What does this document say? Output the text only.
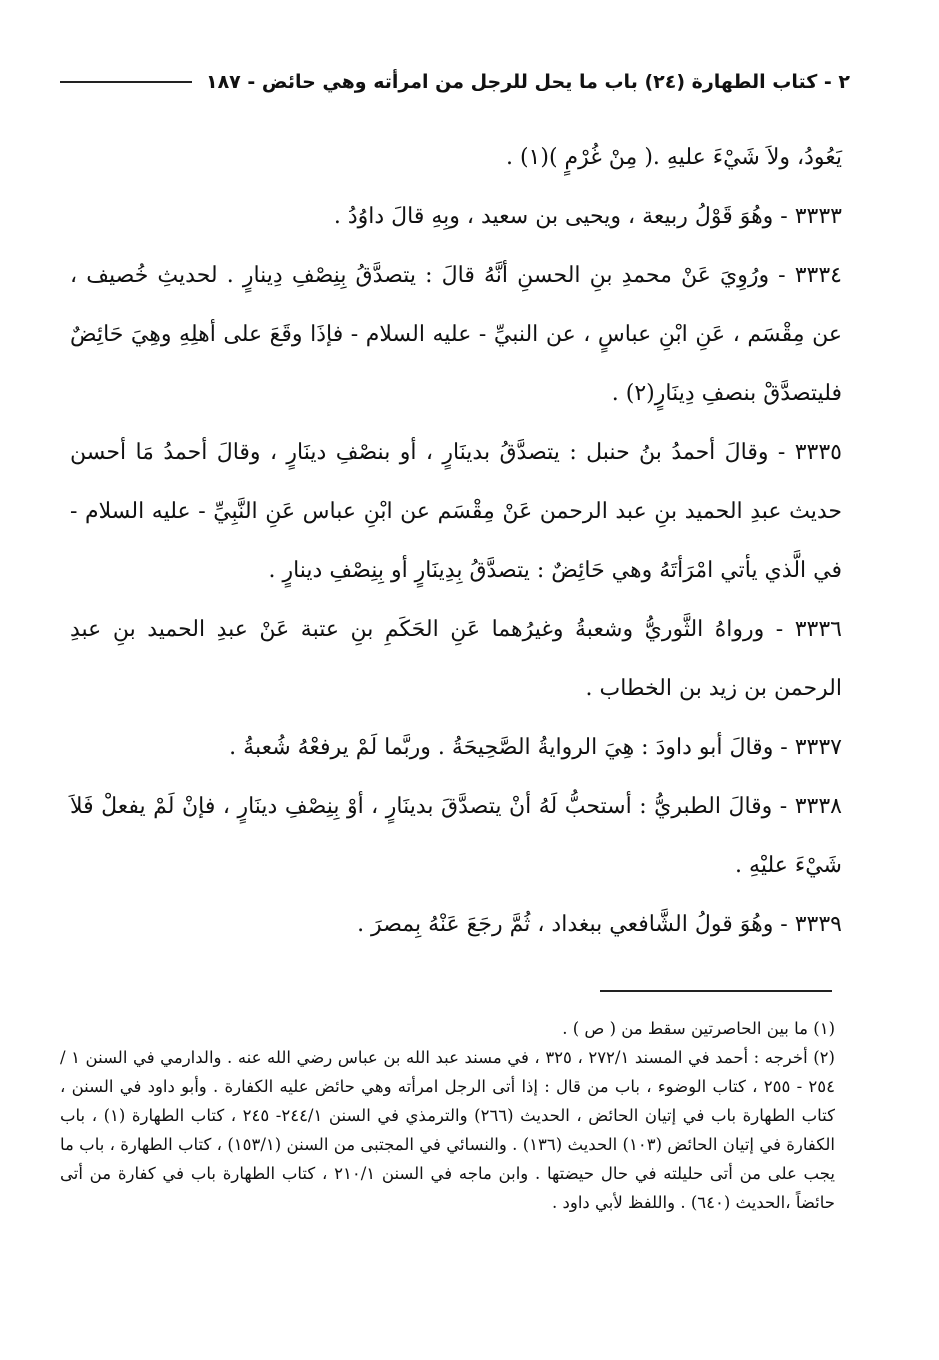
٢ - كتاب الطهارة (٢٤) باب ما يحل للرجل من امرأته وهي حائض - ١٨٧

يَعُودُ، ولاَ شَيْءَ عليهِ .( مِنْ غُرْمٍ )(١) .

٣٣٣٣ - وهُوَ قَوْلُ ربيعة ، ويحيى بن سعيد ، وبِهِ قالَ داوُدُ .

٣٣٣٤ - ورُوِيَ عَنْ محمدِ بنِ الحسنِ أنَّهُ قالَ : يتصدَّقُ بِنِصْفِ دِينارٍ . لحديثِ خُصيف ، عن مِقْسَم ، عَنِ ابْنِ عباسٍ ، عن النبيِّ - عليه السلام - فإذَا وقَعَ على أهلِهِ وهِيَ حَائِضٌ فليتصدَّقْ بنصفِ دِينَارٍ(٢) .

٣٣٣٥ - وقالَ أحمدُ بنُ حنبل : يتصدَّقُ بدينَارٍ ، أو بنصْفِ دينَارٍ ، وقالَ أحمدُ مَا أحسن حديث عبدِ الحميد بنِ عبد الرحمن عَنْ مِقْسَم عن ابْنِ عباس عَنِ النَّبِيِّ - عليه السلام - في الَّذي يأتي امْرَأتَهُ وهي حَائِضٌ : يتصدَّقُ بِدِينَارٍ أو بِنِصْفِ دينارٍ .

٣٣٣٦ - ورواهُ الثَّوريُّ وشعبةُ وغيرُهما عَنِ الحَكَمِ بنِ عتبة عَنْ عبدِ الحميد بنِ عبدِ الرحمن بن زيد بن الخطاب .

٣٣٣٧ - وقالَ أبو داودَ : هِيَ الروايةُ الصَّحِيحَةُ . وربَّما لَمْ يرفعْهُ شُعبةُ .

٣٣٣٨ - وقالَ الطبريُّ : أستحبُّ لَهُ أنْ يتصدَّقَ بدينَارٍ ، أوْ بِنِصْفِ دينَارٍ ، فإنْ لَمْ يفعلْ فَلاَ شَيْءَ عليْهِ .

٣٣٣٩ - وهُوَ قولُ الشَّافعي ببغداد ، ثُمَّ رجَعَ عَنْهُ بِمصرَ .

(١) ما بين الحاصرتين سقط من ( ص ) .

(٢) أخرجه : أحمد في المسند ٢٧٢/١ ، ٣٢٥ ، في مسند عبد الله بن عباس رضي الله عنه . والدارمي في السنن ١ /٢٥٤ - ٢٥٥ ، كتاب الوضوء ، باب من قال : إذا أتى الرجل امرأته وهي حائض عليه الكفارة . وأبو داود في السنن ، كتاب الطهارة باب في إتيان الحائض ، الحديث (٢٦٦) والترمذي في السنن ٢٤٤/١- ٢٤٥ ، كتاب الطهارة (١) ، باب الكفارة في إتيان الحائض (١٠٣) الحديث (١٣٦) . والنسائي في المجتبى من السنن (١٥٣/١) ، كتاب الطهارة ، باب ما يجب على من أتى حليلته في حال حيضتها . وابن ماجه في السنن ٢١٠/١ ، كتاب الطهارة باب في كفارة من أتى حائضاً ،الحديث (٦٤٠) . واللفظ لأبي داود .
